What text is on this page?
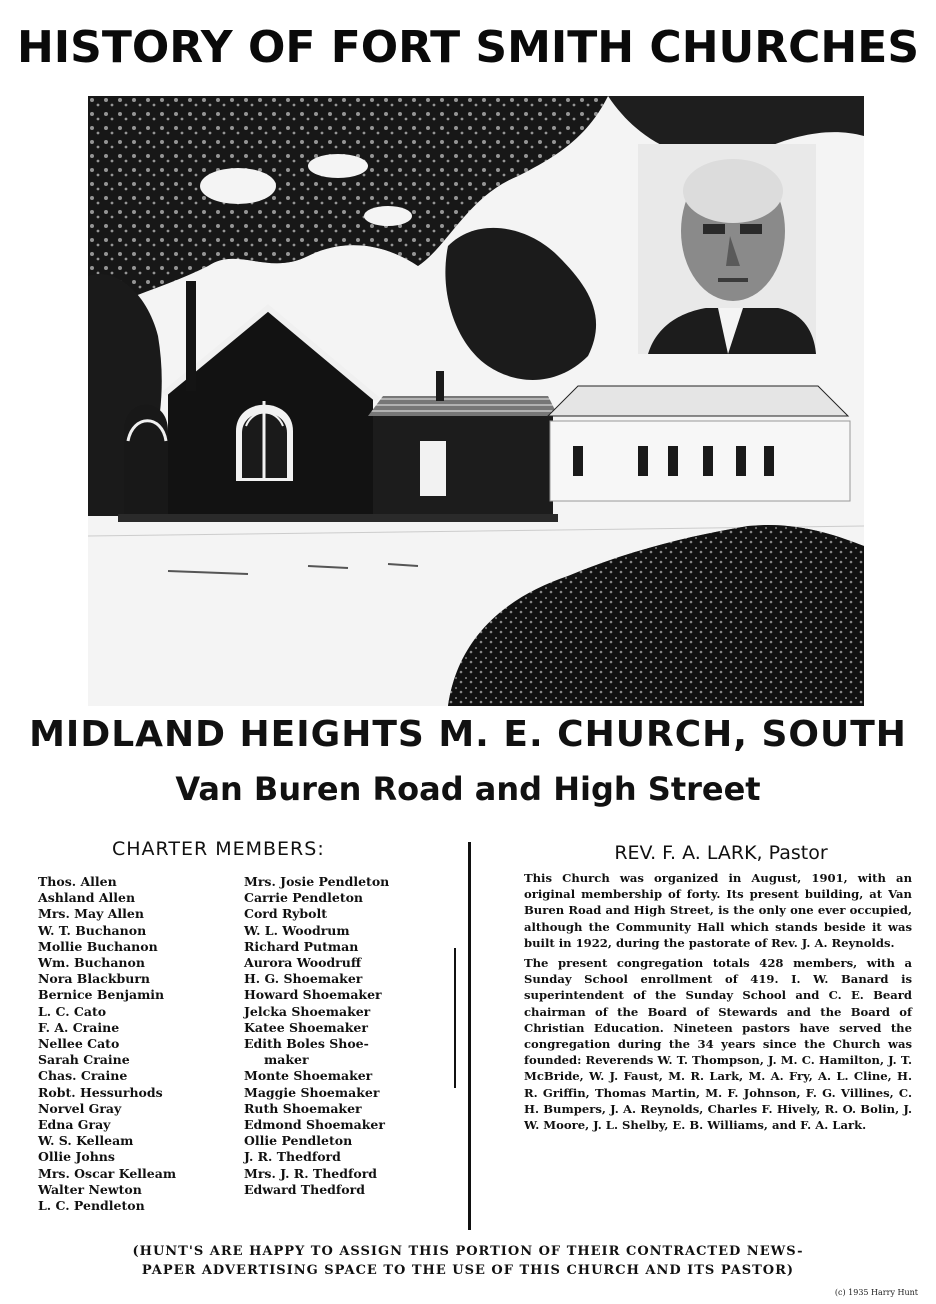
HISTORY OF FORT SMITH CHURCHES
MIDLAND HEIGHTS M. E. CHURCH, SOUTH
Van Buren Road and High Street
CHARTER MEMBERS:
Thos. Allen
Ashland Allen
Mrs. May Allen
W. T. Buchanon
Mollie Buchanon
Wm. Buchanon
Nora Blackburn
Bernice Benjamin
L. C. Cato
F. A. Craine
Nellee Cato
Sarah Craine
Chas. Craine
Robt. Hessurhods
Norvel Gray
Edna Gray
W. S. Kelleam
Ollie Johns
Mrs. Oscar Kelleam
Walter Newton
L. C. Pendleton
Mrs. Josie Pendleton
Carrie Pendleton
Cord Rybolt
W. L. Woodrum
Richard Putman
Aurora Woodruff
H. G. Shoemaker
Howard Shoemaker
Jelcka Shoemaker
Katee Shoemaker
Edith Boles Shoe-
maker
Monte Shoemaker
Maggie Shoemaker
Ruth Shoemaker
Edmond Shoemaker
Ollie Pendleton
J. R. Thedford
Mrs. J. R. Thedford
Edward Thedford
REV. F. A. LARK, Pastor

This Church was organized in August, 1901, with an original membership of forty. Its present building, at Van Buren Road and High Street, is the only one ever occupied, although the Community Hall which stands beside it was built in 1922, during the pastorate of Rev. J. A. Reynolds.

The present congregation totals 428 members, with a Sunday School enrollment of 419. I. W. Banard is superintendent of the Sunday School and C. E. Beard chairman of the Board of Stewards and the Board of Christian Education. Nineteen pastors have served the congregation during the 34 years since the Church was founded: Reverends W. T. Thompson, J. M. C. Hamilton, J. T. McBride, W. J. Faust, M. R. Lark, M. A. Fry, A. L. Cline, H. R. Griffin, Thomas Martin, M. F. Johnson, F. G. Villines, C. H. Bumpers, J. A. Reynolds, Charles F. Hively, R. O. Bolin, J. W. Moore, J. L. Shelby, E. B. Williams, and F. A. Lark.

(HUNT'S ARE HAPPY TO ASSIGN THIS PORTION OF THEIR CONTRACTED NEWS-
PAPER ADVERTISING SPACE TO THE USE OF THIS CHURCH AND ITS PASTOR)
(c) 1935 Harry Hunt
